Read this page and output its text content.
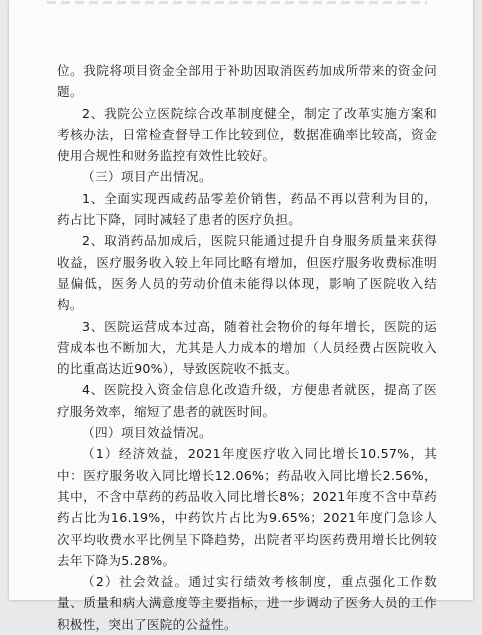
位。我院将项目资金全部用于补助因取消医药加成所带来的资金问题。

2、我院公立医院综合改革制度健全，制定了改革实施方案和考核办法，日常检查督导工作比较到位，数据准确率比较高，资金使用合规性和财务监控有效性比较好。

（三）项目产出情况。

1、全面实现西咸药品零差价销售，药品不再以营利为目的，药占比下降，同时减轻了患者的医疗负担。

2、取消药品加成后，医院只能通过提升自身服务质量来获得收益，医疗服务收入较上年同比略有增加，但医疗服务收费标准明显偏低，医务人员的劳动价值未能得以体现，影响了医院收入结构。

3、医院运营成本过高，随着社会物价的每年增长，医院的运营成本也不断加大，尤其是人力成本的增加（人员经费占医院收入的比重高达近90%），导致医院收不抵支。

4、医院投入资金信息化改造升级，方便患者就医，提高了医疗服务效率，缩短了患者的就医时间。

（四）项目效益情况。

（1）经济效益，2021年度医疗收入同比增长10.57%，其中：医疗服务收入同比增长12.06%；药品收入同比增长2.56%，其中，不含中草药的药品收入同比增长8%；2021年度不含中草药药占比为16.19%，中药饮片占比为9.65%；2021年度门急诊人次平均收费水平比例呈下降趋势，出院者平均医药费用增长比例较去年下降为5.28%。

（2）社会效益。通过实行绩效考核制度，重点强化工作数量、质量和病人满意度等主要指标，进一步调动了医务人员的工作积极性，突出了医院的公益性。
